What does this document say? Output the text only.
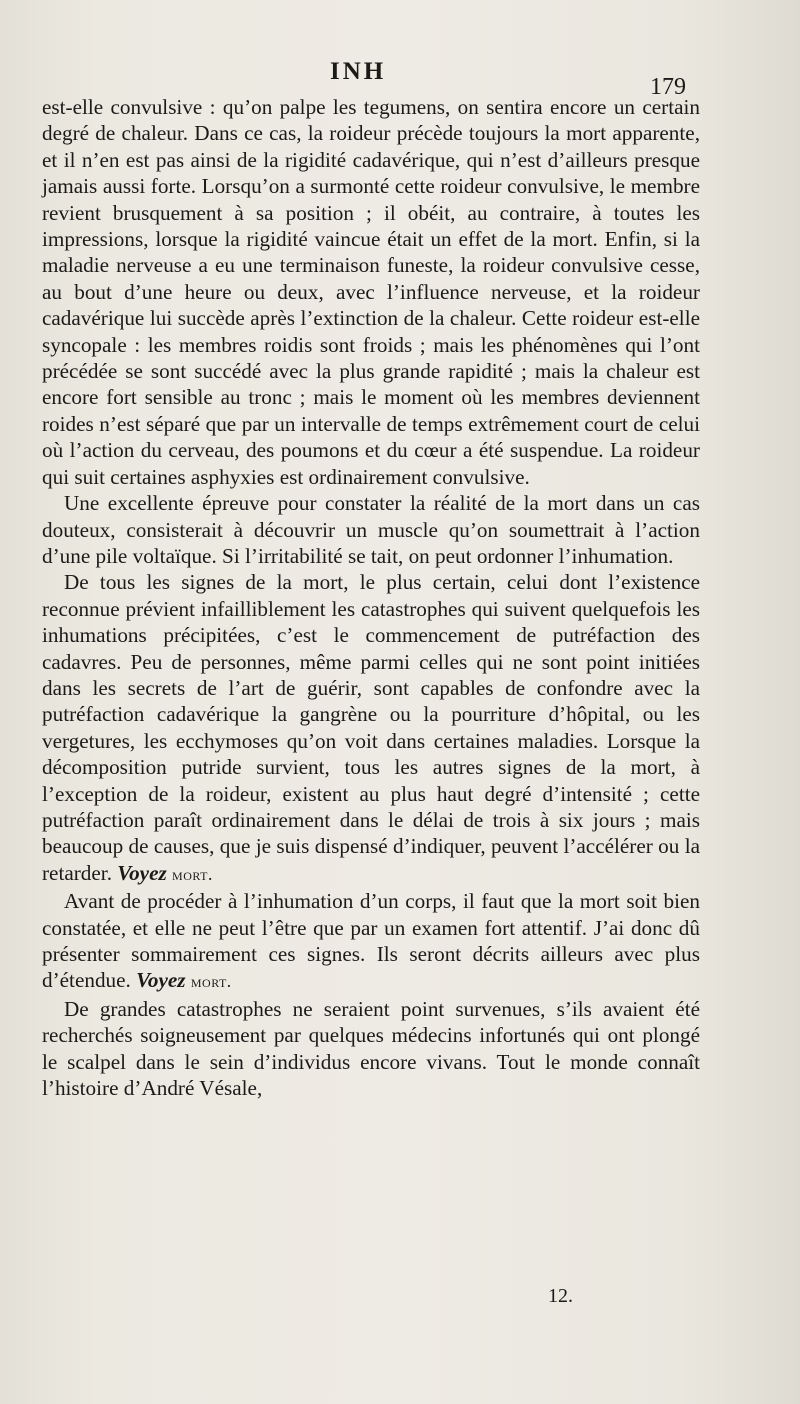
INH
179

est-elle convulsive : qu’on palpe les tegumens, on sentira encore un certain degré de chaleur. Dans ce cas, la roideur précède toujours la mort apparente, et il n’en est pas ainsi de la rigidité cadavérique, qui n’est d’ailleurs presque jamais aussi forte. Lorsqu’on a surmonté cette roideur convulsive, le membre revient brusquement à sa position ; il obéit, au contraire, à toutes les impressions, lorsque la rigidité vaincue était un effet de la mort. Enfin, si la maladie nerveuse a eu une terminaison funeste, la roideur convulsive cesse, au bout d’une heure ou deux, avec l’influence nerveuse, et la roideur cadavérique lui succède après l’extinction de la chaleur. Cette roideur est-elle syncopale : les membres roidis sont froids ; mais les phénomènes qui l’ont précédée se sont succédé avec la plus grande rapidité ; mais la chaleur est encore fort sensible au tronc ; mais le moment où les membres deviennent roides n’est séparé que par un intervalle de temps extrêmement court de celui où l’action du cerveau, des poumons et du cœur a été suspendue. La roideur qui suit certaines asphyxies est ordinairement convulsive.

Une excellente épreuve pour constater la réalité de la mort dans un cas douteux, consisterait à découvrir un muscle qu’on soumettrait à l’action d’une pile voltaïque. Si l’irritabilité se tait, on peut ordonner l’inhumation.

De tous les signes de la mort, le plus certain, celui dont l’existence reconnue prévient infailliblement les catastrophes qui suivent quelquefois les inhumations précipitées, c’est le commencement de putréfaction des cadavres. Peu de personnes, même parmi celles qui ne sont point initiées dans les secrets de l’art de guérir, sont capables de confondre avec la putréfaction cadavérique la gangrène ou la pourriture d’hôpital, ou les vergetures, les ecchymoses qu’on voit dans certaines maladies. Lorsque la décomposition putride survient, tous les autres signes de la mort, à l’exception de la roideur, existent au plus haut degré d’intensité ; cette putréfaction paraît ordinairement dans le délai de trois à six jours ; mais beaucoup de causes, que je suis dispensé d’indiquer, peuvent l’accélérer ou la retarder. Voyez mort.

Avant de procéder à l’inhumation d’un corps, il faut que la mort soit bien constatée, et elle ne peut l’être que par un examen fort attentif. J’ai donc dû présenter sommairement ces signes. Ils seront décrits ailleurs avec plus d’étendue. Voyez mort.

De grandes catastrophes ne seraient point survenues, s’ils avaient été recherchés soigneusement par quelques médecins infortunés qui ont plongé le scalpel dans le sein d’individus encore vivans. Tout le monde connaît l’histoire d’André Vésale,

12.
